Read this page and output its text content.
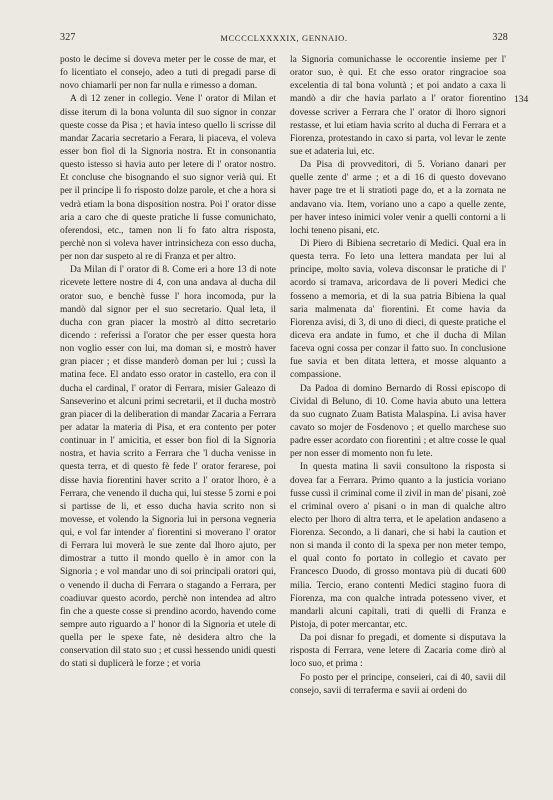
327	MCCCCLXXXXIX, GENNAIO.	328

posto le decime si doveva meter per le cosse de mar, et fo licentiato el consejo, adeo a tuti di pregadi parse di novo chiamarli per non far nulla e rimesso a doman.

A dì 12 zener in collegio. Vene l' orator di Milan et disse iterum di la bona volunta dil suo signor in conzar queste cosse da Pisa ; et havia inteso quello li scrisse dil mandar Zacaria secretario a Ferara, li piaceva, el voleva esser bon fiol di la Signoria nostra. Et in consonantia questo istesso si havia auto per letere di l' orator nostro. Et concluse che bisognando el suo signor verià qui. Et per il principe li fo risposto dolze parole, et che a hora si vedrà etiam la bona disposition nostra. Poi l' orator disse aria a caro che di queste pratiche li fusse comunichato, oferendosi, etc., tamen non li fo fato altra risposta, perchè non si voleva haver intrinsicheza con esso ducha, per non dar suspeto al re di Franza et per altro.

Da Milan di l' orator di 8. Come eri a hore 13 di note ricevete lettere nostre di 4, con una andava al ducha dil orator suo, e benchè fusse l' hora incomoda, pur la mandò dal signor per el suo secretario. Qual leta, il ducha con gran piacer la mostrò al ditto secretario dicendo : referissi a l'orator che per esser questa hora non voglio esser con lui, ma doman si, e mostrò haver gran piacer ; et disse manderò doman per lui ; cussì la matina fece. El andato esso orator in castello, era con il ducha el cardinal, l' orator di Ferrara, misier Galeazo di Sanseverino et alcuni primi secretarii, et il ducha mostrò gran piacer di la deliberation di mandar Zacaria a Ferrara per adatar la materia di Pisa, et era contento per poter continuar in l' amicitia, et esser bon fiol di la Signoria nostra, et havia scrito a Ferrara che 'l ducha venisse in questa terra, et di questo fè fede l' orator ferarese, poi disse havia fiorentini haver scrito a l' orator lhoro, è a Ferrara, che venendo il ducha qui, lui stesse 5 zorni e poi si partisse de li, et esso ducha havia scrito non si movesse, et volendo la Signoria lui in persona vegneria qui, e vol far intender a' fiorentini si moverano l' orator di Ferrara lui moverà le sue zente dal lhoro ajuto, per dimostrar a tutto il mondo quello è in amor con la Signoria ; e vol mandar uno di soi principali oratori qui, o venendo il ducha di Ferrara o stagando a Ferrara, per coadiuvar questo acordo, perchè non intendea ad altro fin che a queste cosse si prendino acordo, havendo come sempre auto riguardo a l' honor di la Signoria et utele di quella per le spexe fate, nè desidera altro che la conservation dil stato suo ; et cussì hessendo unidi questi do stati si duplicerà le forze ; et voria

la Signoria comunichasse le occorentie insieme per l' orator suo, è qui. Et che esso orator ringracioe soa excelentia di tal bona voluntà ; et poi andato a caxa li mandò a dir che havia parlato a l' orator fiorentino dovesse scriver a Ferrara che l' orator di lhoro signori restasse, et lui etiam havia scrito al ducha di Ferrara et a Fiorenza, protestando in caxo si parta, vol levar le zente sue et adateria lui, etc.

Da Pisa di provveditori, di 5. Voriano danari per quelle zente d' arme ; et a dì 16 di questo dovevano haver page tre et li stratioti page do, et a la zornata ne andavano via. Item, voriano uno a capo a quelle zente, per haver inteso inimici voler venir a quelli contorni a li lochi teneno pisani, etc.

Di Piero di Bibiena secretario di Medici. Qual era in questa terra. Fo leto una lettera mandata per lui al principe, molto savia, voleva disconsar le pratiche di l' acordo si tramava, aricordava de li poveri Medici che fosseno a memoria, et di la sua patria Bibiena la qual saria malmenata da' fiorentini. Et come havia da Fiorenza avisi, di 3, di uno di dieci, di queste pratiche el diceva era andate in fumo, et che il ducha di Milan faceva ogni cossa per conzar il fatto suo. In conclusione fue savia et ben ditata lettera, et mosse alquanto a compassione.

Da Padoa di domino Bernardo di Rossi episcopo di Cividal di Beluno, di 10. Come havia abuto una lettera da suo cugnato Zuam Batista Malaspina. Li avisa haver cavato so mojer de Fosdenovo ; et quello marchese suo padre esser acordato con fiorentini ; et altre cosse le qual per non esser di momento non fu lete.

In questa matina li savii consultono la risposta si dovea far a Ferrara. Primo quanto a la justicia voriano fusse cussì il criminal come il zivil in man de' pisani, zoè el criminal overo a' pisani o in man di qualche altro electo per lhoro di altra terra, et le apelation andaseno a Fiorenza. Secondo, a li danari, che si habi la caution et non si manda il conto di la spexa per non meter tempo, el qual conto fo portato in collegio et cavato per Francesco Duodo, di grosso montava più di ducati 600 milia. Tercio, erano contenti Medici stagino fuora di Fiorenza, ma con qualche intrada potesseno viver, et mandarli alcuni capitali, trati di quelli di Franza e Pistoja, di poter mercantar, etc.

Da poi disnar fo pregadi, et domente si disputava la risposta di Ferrara, vene letere di Zacaria come dirò al loco suo, et prima :

Fo posto per el principe, conseieri, cai di 40, savii dil consejo, savii di terraferma e savii ai ordeni do

134
